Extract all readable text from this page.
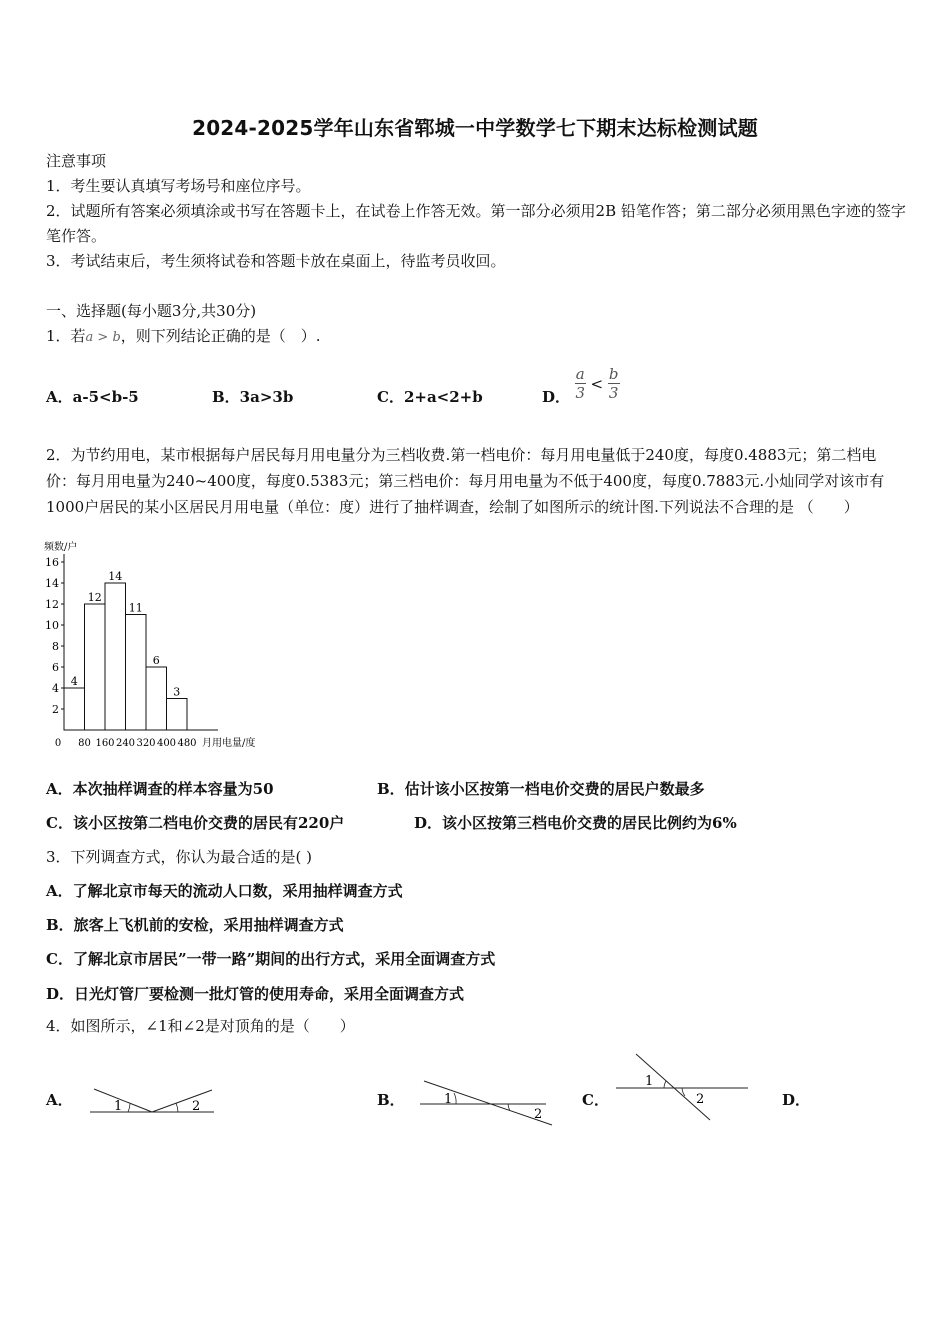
2024-2025学年山东省郓城一中学数学七下期末达标检测试题
注意事项
1．考生要认真填写考场号和座位序号。
2．试题所有答案必须填涂或书写在答题卡上，在试卷上作答无效。第一部分必须用2B 铅笔作答；第二部分必须用黑色字迹的签字笔作答。
3．考试结束后，考生须将试卷和答题卡放在桌面上，待监考员收回。
一、选择题(每小题3分,共30分)
1．若a > b，则下列结论正确的是（　）.
A．a-5<b-5	B．3a>3b	C．2+a<2+b	D． $\frac{a}{3} < \frac{b}{3}$
2．为节约用电，某市根据每户居民每月用电量分为三档收费.第一档电价：每月用电量低于240度，每度0.4883元；第二档电价：每月用电量为240~400度，每度0.5383元；第三档电价：每月用电量为不低于400度，每度0.7883元.小灿同学对该市有1000户居民的某小区居民月用电量（单位：度）进行了抽样调查，绘制了如图所示的统计图.下列说法不合理的是 （　　）
频数/户
月用电量/度
2
4
6
8
10
12
14
16
0 80 160 240 320 400 480
4
12
14
11
6
3
A．本次抽样调查的样本容量为50	B．估计该小区按第一档电价交费的居民户数最多
C．该小区按第二档电价交费的居民有220户	D．该小区按第三档电价交费的居民比例约为6%
3．下列调查方式，你认为最合适的是( )
A．了解北京市每天的流动人口数，采用抽样调查方式
B．旅客上飞机前的安检，采用抽样调查方式
C．了解北京市居民”一带一路”期间的出行方式，采用全面调查方式
D．日光灯管厂要检测一批灯管的使用寿命，采用全面调查方式
4．如图所示，∠1和∠2是对顶角的是（　　）
A．	1	2	B．	1
2
C．
1
2	D．
